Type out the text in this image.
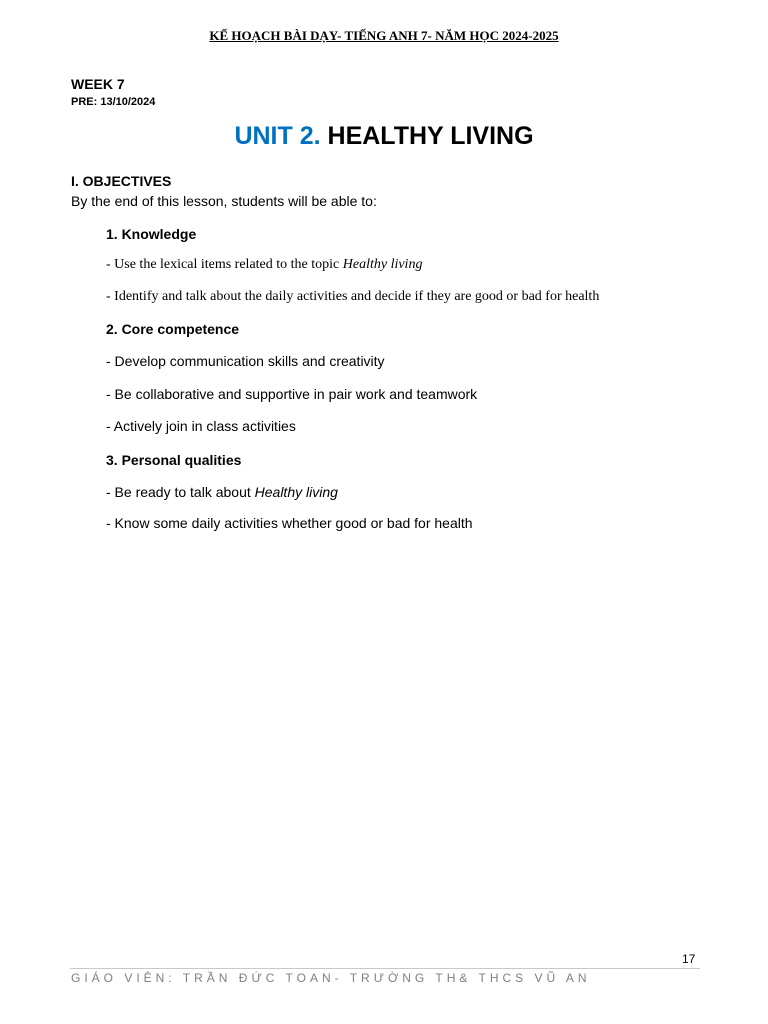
KẾ HOẠCH BÀI DẠY- TIẾNG ANH 7- NĂM HỌC 2024-2025
WEEK 7
PRE: 13/10/2024
UNIT 2. HEALTHY LIVING
I. OBJECTIVES
By the end of this lesson, students will be able to:
1. Knowledge
- Use the lexical items related to the topic Healthy living
- Identify and talk about the daily activities and decide if they are good or bad for health
2. Core competence
- Develop communication skills and creativity
- Be collaborative and supportive in pair work and teamwork
- Actively join in class activities
3. Personal qualities
- Be ready to talk about Healthy living
- Know some daily activities whether good or bad for health
17
GIÁO VIÊN: TRẦN ĐỨC TOAN- TRƯỜNG TH& THCS VŨ AN
